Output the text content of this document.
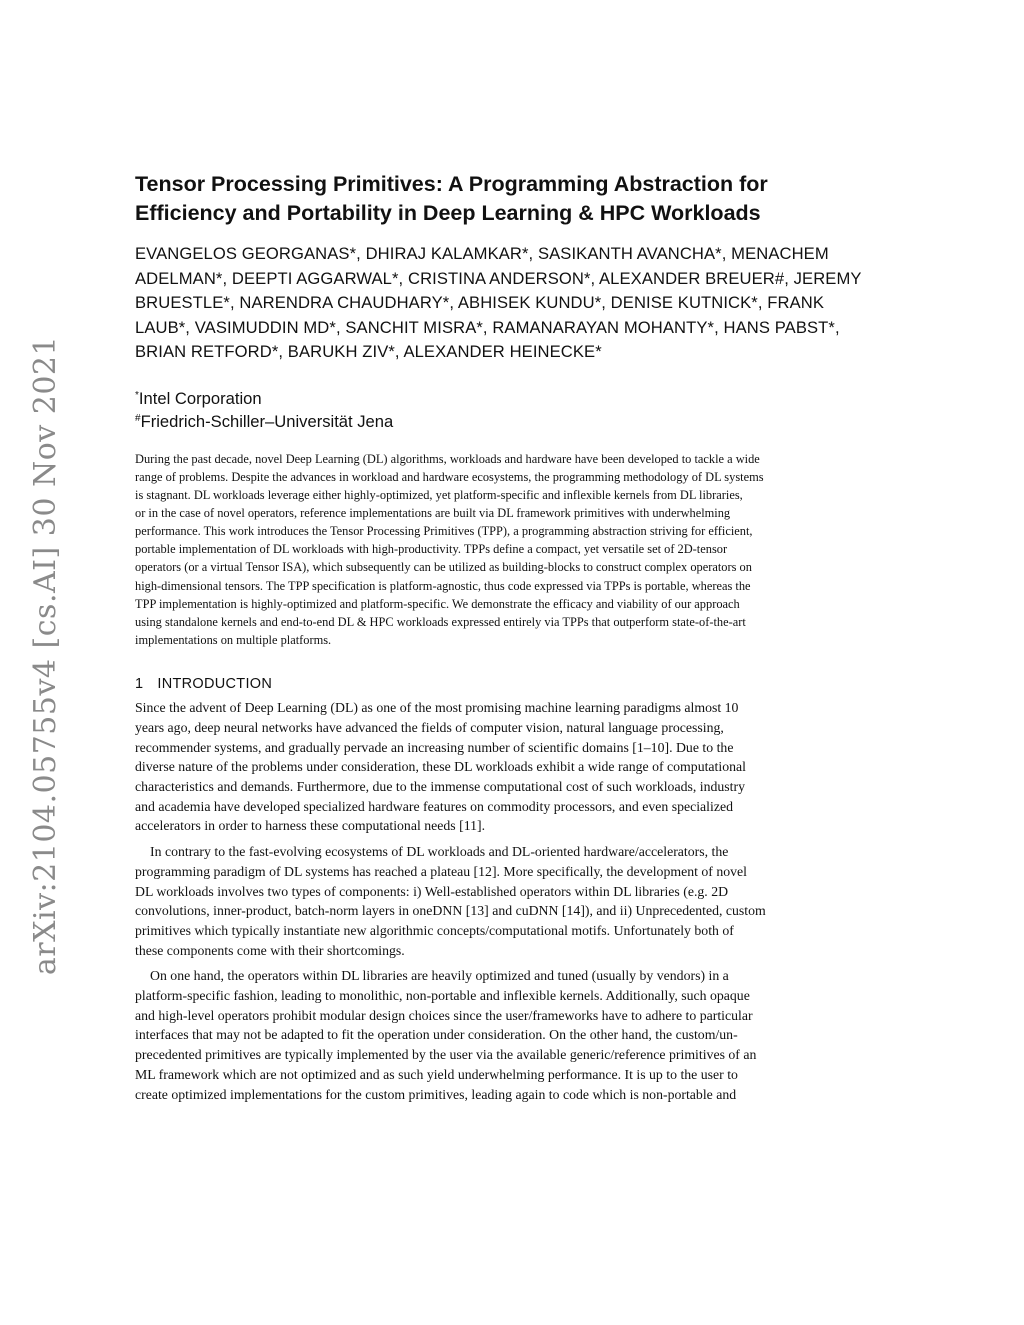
arXiv:2104.05755v4 [cs.AI] 30 Nov 2021
Tensor Processing Primitives: A Programming Abstraction for
Efficiency and Portability in Deep Learning & HPC Workloads
EVANGELOS GEORGANAS*, DHIRAJ KALAMKAR*, SASIKANTH AVANCHA*, MENACHEM
ADELMAN*, DEEPTI AGGARWAL*, CRISTINA ANDERSON*, ALEXANDER BREUER#, JEREMY
BRUESTLE*, NARENDRA CHAUDHARY*, ABHISEK KUNDU*, DENISE KUTNICK*, FRANK
LAUB*, VASIMUDDIN MD*, SANCHIT MISRA*, RAMANARAYAN MOHANTY*, HANS PABST*,
BRIAN RETFORD*, BARUKH ZIV*, ALEXANDER HEINECKE*
*Intel Corporation
#Friedrich-Schiller–Universität Jena
During the past decade, novel Deep Learning (DL) algorithms, workloads and hardware have been developed to tackle a wide
range of problems. Despite the advances in workload and hardware ecosystems, the programming methodology of DL systems
is stagnant. DL workloads leverage either highly-optimized, yet platform-specific and inflexible kernels from DL libraries,
or in the case of novel operators, reference implementations are built via DL framework primitives with underwhelming
performance. This work introduces the Tensor Processing Primitives (TPP), a programming abstraction striving for efficient,
portable implementation of DL workloads with high-productivity. TPPs define a compact, yet versatile set of 2D-tensor
operators (or a virtual Tensor ISA), which subsequently can be utilized as building-blocks to construct complex operators on
high-dimensional tensors. The TPP specification is platform-agnostic, thus code expressed via TPPs is portable, whereas the
TPP implementation is highly-optimized and platform-specific. We demonstrate the efficacy and viability of our approach
using standalone kernels and end-to-end DL & HPC workloads expressed entirely via TPPs that outperform state-of-the-art
implementations on multiple platforms.
1 INTRODUCTION
Since the advent of Deep Learning (DL) as one of the most promising machine learning paradigms almost 10
years ago, deep neural networks have advanced the fields of computer vision, natural language processing,
recommender systems, and gradually pervade an increasing number of scientific domains [1–10]. Due to the
diverse nature of the problems under consideration, these DL workloads exhibit a wide range of computational
characteristics and demands. Furthermore, due to the immense computational cost of such workloads, industry
and academia have developed specialized hardware features on commodity processors, and even specialized
accelerators in order to harness these computational needs [11].
In contrary to the fast-evolving ecosystems of DL workloads and DL-oriented hardware/accelerators, the
programming paradigm of DL systems has reached a plateau [12]. More specifically, the development of novel
DL workloads involves two types of components: i) Well-established operators within DL libraries (e.g. 2D
convolutions, inner-product, batch-norm layers in oneDNN [13] and cuDNN [14]), and ii) Unprecedented, custom
primitives which typically instantiate new algorithmic concepts/computational motifs. Unfortunately both of
these components come with their shortcomings.
On one hand, the operators within DL libraries are heavily optimized and tuned (usually by vendors) in a
platform-specific fashion, leading to monolithic, non-portable and inflexible kernels. Additionally, such opaque
and high-level operators prohibit modular design choices since the user/frameworks have to adhere to particular
interfaces that may not be adapted to fit the operation under consideration. On the other hand, the custom/un-
precedented primitives are typically implemented by the user via the available generic/reference primitives of an
ML framework which are not optimized and as such yield underwhelming performance. It is up to the user to
create optimized implementations for the custom primitives, leading again to code which is non-portable and
